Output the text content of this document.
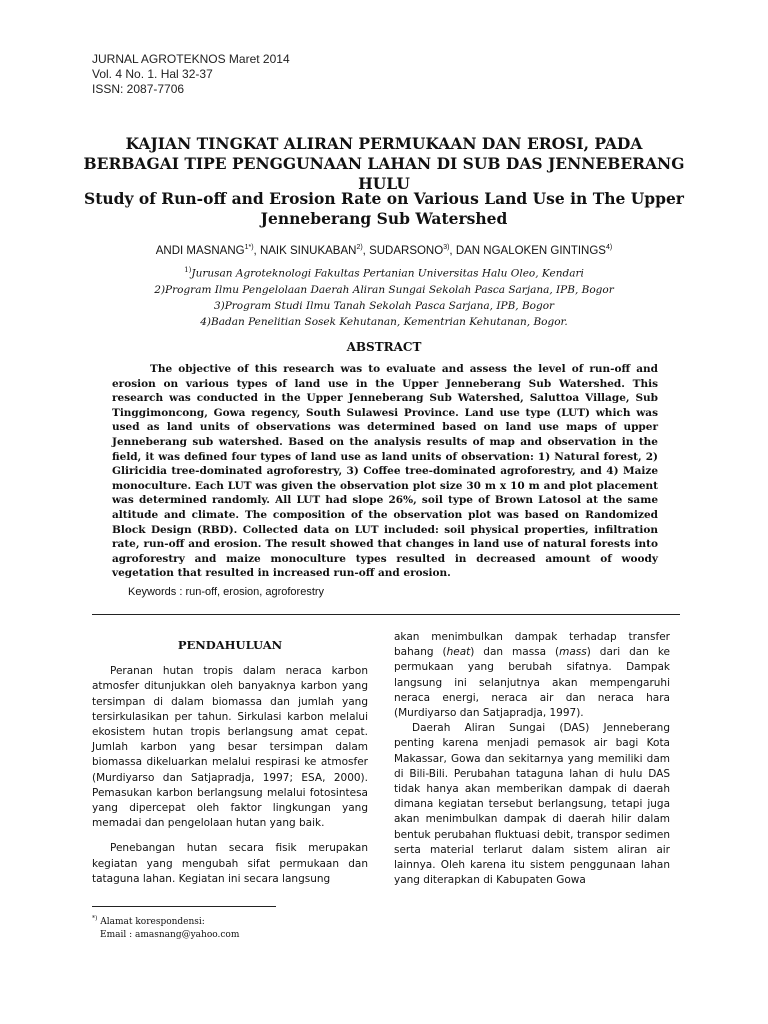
JURNAL AGROTEKNOS Maret 2014
Vol. 4 No. 1. Hal 32-37
ISSN: 2087-7706
KAJIAN TINGKAT ALIRAN PERMUKAAN DAN EROSI, PADA BERBAGAI TIPE PENGGUNAAN LAHAN DI SUB DAS JENNEBERANG HULU
Study of Run-off and Erosion Rate on Various Land Use in The Upper Jenneberang Sub Watershed
ANDI $MASNANG^{1*)}$, NAIK SINUKABAN$^{2)}$, SUDARSONO$^{3)}$, DAN NGALOKEN GINTINGS$^{4)}$
$^{1)}$Jurusan Agroteknologi Fakultas Pertanian Universitas Halu Oleo, Kendari
2)Program Ilmu Pengelolaan Daerah Aliran Sungai Sekolah Pasca Sarjana, IPB, Bogor
3)Program Studi Ilmu Tanah Sekolah Pasca Sarjana, IPB, Bogor
4)Badan Penelitian Sosek Kehutanan, Kementrian Kehutanan, Bogor.
ABSTRACT

The objective of this research was to evaluate and assess the level of run-off and erosion on various types of land use in the Upper Jenneberang Sub Watershed. This research was conducted in the Upper Jenneberang Sub Watershed, Saluttoa Village, Sub Tinggimoncong, Gowa regency, South Sulawesi Province. Land use type (LUT) which was used as land units of observations was determined based on land use maps of upper Jenneberang sub watershed. Based on the analysis results of map and observation in the field, it was defined four types of land use as land units of observation: 1) Natural forest, 2) Gliricidia tree-dominated agroforestry, 3) Coffee tree-dominated agroforestry, and 4) Maize monoculture. Each LUT was given the observation plot size 30 m x 10 m and plot placement was determined randomly. All LUT had slope 26%, soil type of Brown Latosol at the same altitude and climate. The composition of the observation plot was based on Randomized Block Design (RBD). Collected data on LUT included: soil physical properties, infiltration rate, run-off and erosion. The result showed that changes in land use of natural forests into agroforestry and maize monoculture types resulted in decreased amount of woody vegetation that resulted in increased run-off and erosion.

Keywords : run-off, erosion, agroforestry
PENDAHULUAN

Peranan hutan tropis dalam neraca karbon atmosfer ditunjukkan oleh banyaknya karbon yang tersimpan di dalam biomassa dan jumlah yang tersirkulasikan per tahun. Sirkulasi karbon melalui ekosistem hutan tropis berlangsung amat cepat. Jumlah karbon yang besar tersimpan dalam biomassa dikeluarkan melalui respirasi ke atmosfer (Murdiyarso dan Satjapradja, 1997; ESA, 2000). Pemasukan karbon berlangsung melalui fotosintesa yang dipercepat oleh faktor lingkungan yang memadai dan pengelolaan hutan yang baik.

Penebangan hutan secara fisik merupakan kegiatan yang mengubah sifat permukaan dan tataguna lahan. Kegiatan ini secara langsung

akan menimbulkan dampak terhadap transfer bahang (heat) dan massa (mass) dari dan ke permukaan yang berubah sifatnya. Dampak langsung ini selanjutnya akan mempengaruhi neraca energi, neraca air dan neraca hara (Murdiyarso dan Satjapradja, 1997).

Daerah Aliran Sungai (DAS) Jenneberang penting karena menjadi pemasok air bagi Kota Makassar, Gowa dan sekitarnya yang memiliki dam di Bili-Bili. Perubahan tataguna lahan di hulu DAS tidak hanya akan memberikan dampak di daerah dimana kegiatan tersebut berlangsung, tetapi juga akan menimbulkan dampak di daerah hilir dalam bentuk perubahan fluktuasi debit, transpor sedimen serta material terlarut dalam sistem aliran air lainnya. Oleh karena itu sistem penggunaan lahan yang diterapkan di Kabupaten Gowa

*) Alamat korespondensi:
Email : amasnang@yahoo.com
